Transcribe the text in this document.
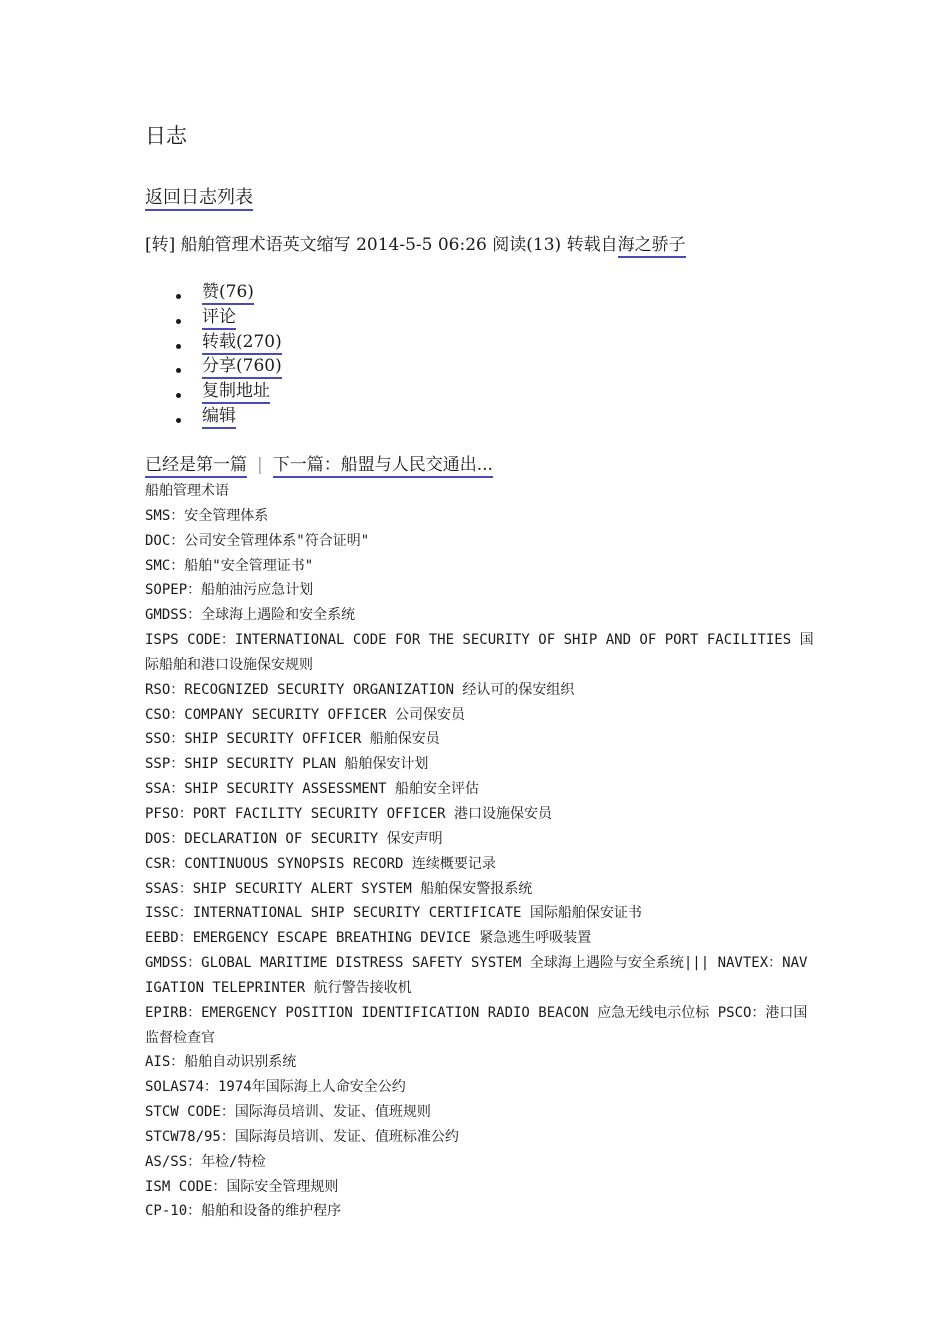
日志
返回日志列表
[转] 船舶管理术语英文缩写 2014-5-5 06:26 阅读(13) 转载自海之骄子
赞(76)
评论
转载(270)
分享(760)
复制地址
编辑
已经是第一篇 | 下一篇：船盟与人民交通出...

船舶管理术语

SMS：安全管理体系

DOC：公司安全管理体系"符合证明"

SMC：船舶"安全管理证书"

SOPEP：船舶油污应急计划

GMDSS：全球海上遇险和安全系统

ISPS CODE：INTERNATIONAL CODE FOR THE SECURITY OF SHIP AND OF PORT FACILITIES 国际船舶和港口设施保安规则

RSO：RECOGNIZED SECURITY ORGANIZATION 经认可的保安组织

CSO：COMPANY SECURITY OFFICER 公司保安员

SSO：SHIP SECURITY OFFICER 船舶保安员

SSP：SHIP SECURITY PLAN 船舶保安计划

SSA：SHIP SECURITY ASSESSMENT 船舶安全评估

PFSO：PORT FACILITY SECURITY OFFICER 港口设施保安员

DOS：DECLARATION OF SECURITY 保安声明

CSR：CONTINUOUS SYNOPSIS RECORD 连续概要记录

SSAS：SHIP SECURITY ALERT SYSTEM 船舶保安警报系统

ISSC：INTERNATIONAL SHIP SECURITY CERTIFICATE 国际船舶保安证书

EEBD：EMERGENCY ESCAPE BREATHING DEVICE 紧急逃生呼吸装置

GMDSS：GLOBAL MARITIME DISTRESS SAFETY SYSTEM 全球海上遇险与安全系统||| NAVTEX：NAVIGATION TELEPRINTER 航行警告接收机

EPIRB：EMERGENCY POSITION IDENTIFICATION RADIO BEACON 应急无线电示位标 PSCO：港口国监督检查官

AIS：船舶自动识别系统

SOLAS74：1974年国际海上人命安全公约

STCW CODE：国际海员培训、发证、值班规则

STCW78/95：国际海员培训、发证、值班标准公约

AS/SS：年检/特检

ISM CODE：国际安全管理规则

CP-10：船舶和设备的维护程序
